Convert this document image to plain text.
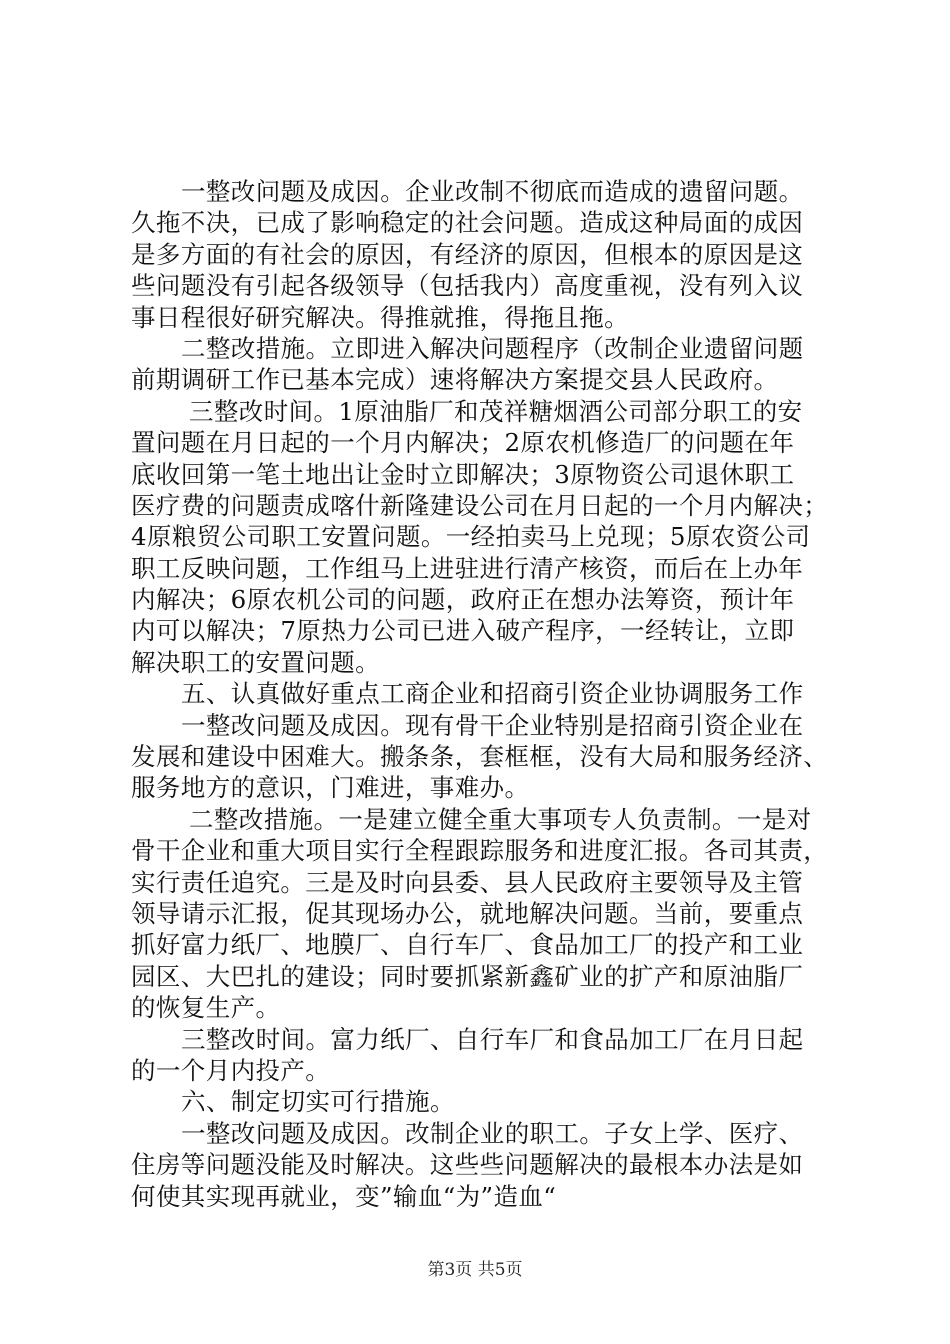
一整改问题及成因。企业改制不彻底而造成的遗留问题。
久拖不决，已成了影响稳定的社会问题。造成这种局面的成因
是多方面的有社会的原因，有经济的原因，但根本的原因是这
些问题没有引起各级领导（包括我内）高度重视，没有列入议
事日程很好研究解决。得推就推，得拖且拖。
二整改措施。立即进入解决问题程序（改制企业遗留问题
前期调研工作已基本完成）速将解决方案提交县人民政府。
三整改时间。1原油脂厂和茂祥糖烟酒公司部分职工的安
置问题在月日起的一个月内解决；2原农机修造厂的问题在年
底收回第一笔土地出让金时立即解决；3原物资公司退休职工
医疗费的问题责成喀什新隆建设公司在月日起的一个月内解决；
4原粮贸公司职工安置问题。一经拍卖马上兑现；5原农资公司
职工反映问题，工作组马上进驻进行清产核资，而后在上办年
内解决；6原农机公司的问题，政府正在想办法筹资，预计年
内可以解决；7原热力公司已进入破产程序，一经转让，立即
解决职工的安置问题。
五、认真做好重点工商企业和招商引资企业协调服务工作
一整改问题及成因。现有骨干企业特别是招商引资企业在
发展和建设中困难大。搬条条，套框框，没有大局和服务经济、
服务地方的意识，门难进，事难办。
二整改措施。一是建立健全重大事项专人负责制。一是对
骨干企业和重大项目实行全程跟踪服务和进度汇报。各司其责，
实行责任追究。三是及时向县委、县人民政府主要领导及主管
领导请示汇报，促其现场办公，就地解决问题。当前，要重点
抓好富力纸厂、地膜厂、自行车厂、食品加工厂的投产和工业
园区、大巴扎的建设；同时要抓紧新鑫矿业的扩产和原油脂厂
的恢复生产。
三整改时间。富力纸厂、自行车厂和食品加工厂在月日起
的一个月内投产。
六、制定切实可行措施。
一整改问题及成因。改制企业的职工。子女上学、医疗、
住房等问题没能及时解决。这些些问题解决的最根本办法是如
何使其实现再就业，变”输血“为”造血“
第3页 共5页
